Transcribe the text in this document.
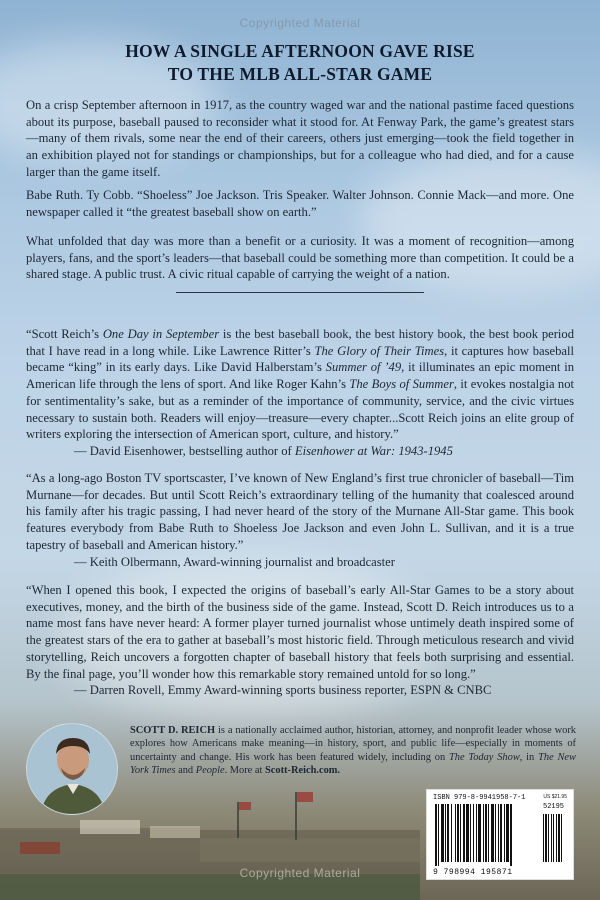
Copyrighted Material
HOW A SINGLE AFTERNOON GAVE RISE
TO THE MLB ALL-STAR GAME

On a crisp September afternoon in 1917, as the country waged war and the national pastime faced questions about its purpose, baseball paused to reconsider what it stood for. At Fenway Park, the game’s greatest stars—many of them rivals, some near the end of their careers, others just emerging—took the field together in an exhibition played not for standings or championships, but for a colleague who had died, and for a cause larger than the game itself.

Babe Ruth. Ty Cobb. “Shoeless” Joe Jackson. Tris Speaker. Walter Johnson. Connie Mack—and more. One newspaper called it “the greatest baseball show on earth.”

What unfolded that day was more than a benefit or a curiosity. It was a moment of recognition—among players, fans, and the sport’s leaders—that baseball could be something more than competition. It could be a shared stage. A public trust. A civic ritual capable of carrying the weight of a nation.

“Scott Reich’s One Day in September is the best baseball book, the best history book, the best book period that I have read in a long while. Like Lawrence Ritter’s The Glory of Their Times, it captures how baseball became “king” in its early days. Like David Halberstam’s Summer of ’49, it illuminates an epic moment in American life through the lens of sport. And like Roger Kahn’s The Boys of Summer, it evokes nostalgia not for sentimentality’s sake, but as a reminder of the importance of community, service, and the civic virtues necessary to sustain both. Readers will enjoy—treasure—every chapter...Scott Reich joins an elite group of writers exploring the intersection of American sport, culture, and history.”
— David Eisenhower, bestselling author of Eisenhower at War: 1943-1945
“As a long-ago Boston TV sportscaster, I’ve known of New England’s first true chronicler of baseball—Tim Murnane—for decades. But until Scott Reich’s extraordinary telling of the humanity that coalesced around his family after his tragic passing, I had never heard of the story of the Murnane All-Star game. This book features everybody from Babe Ruth to Shoeless Joe Jackson and even John L. Sullivan, and it is a true tapestry of baseball and American history.”
— Keith Olbermann, Award-winning journalist and broadcaster
“When I opened this book, I expected the origins of baseball’s early All-Star Games to be a story about executives, money, and the birth of the business side of the game. Instead, Scott D. Reich introduces us to a name most fans have never heard: A former player turned journalist whose untimely death inspired some of the greatest stars of the era to gather at baseball’s most historic field. Through meticulous research and vivid storytelling, Reich uncovers a forgotten chapter of baseball history that feels both surprising and essential. By the final page, you’ll wonder how this remarkable story remained untold for so long.”
— Darren Rovell, Emmy Award-winning sports business reporter, ESPN & CNBC
SCOTT D. REICH is a nationally acclaimed author, historian, attorney, and nonprofit leader whose work explores how Americans make meaning—in history, sport, and public life—especially in moments of uncertainty and change. His work has been featured widely, including on The Today Show, in The New York Times and People. More at Scott-Reich.com.
ISBN 979-8-9941958-7-1	US $21.95
52195
9 798994 195871
Copyrighted Material
